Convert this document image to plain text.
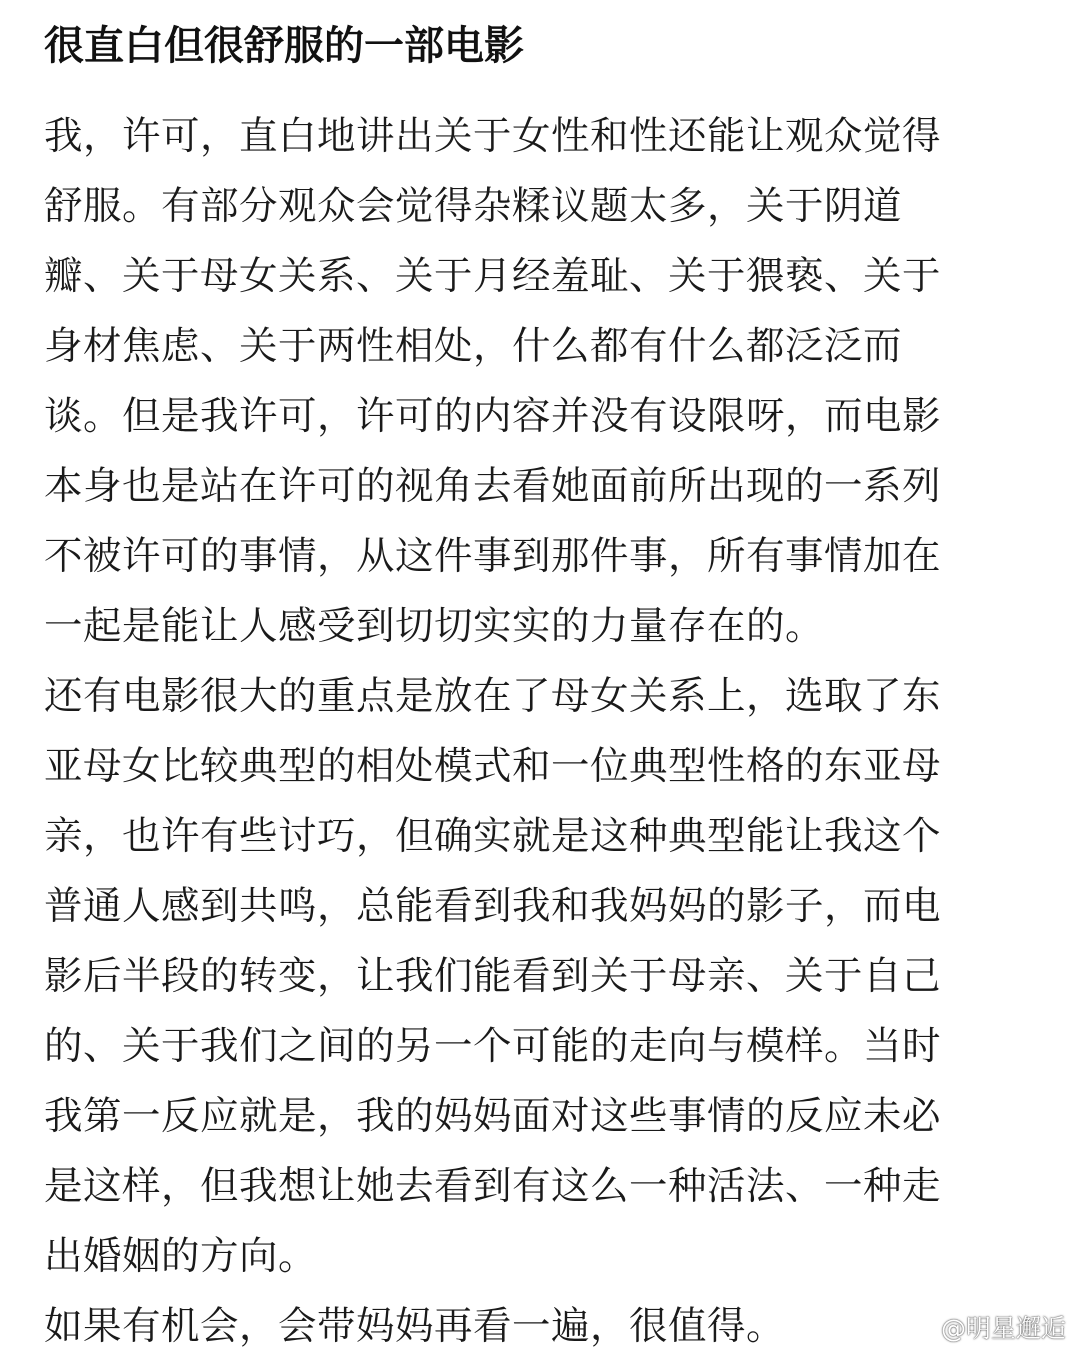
很直白但很舒服的一部电影
我，许可，直白地讲出关于女性和性还能让观众觉得
舒服。有部分观众会觉得杂糅议题太多，关于阴道
瓣、关于母女关系、关于月经羞耻、关于猥亵、关于
身材焦虑、关于两性相处，什么都有什么都泛泛而
谈。但是我许可，许可的内容并没有设限呀，而电影
本身也是站在许可的视角去看她面前所出现的一系列
不被许可的事情，从这件事到那件事，所有事情加在
一起是能让人感受到切切实实的力量存在的。
还有电影很大的重点是放在了母女关系上，选取了东
亚母女比较典型的相处模式和一位典型性格的东亚母
亲，也许有些讨巧，但确实就是这种典型能让我这个
普通人感到共鸣，总能看到我和我妈妈的影子，而电
影后半段的转变，让我们能看到关于母亲、关于自己
的、关于我们之间的另一个可能的走向与模样。当时
我第一反应就是，我的妈妈面对这些事情的反应未必
是这样，但我想让她去看到有这么一种活法、一种走
出婚姻的方向。
如果有机会，会带妈妈再看一遍，很值得。	@明星邂逅
